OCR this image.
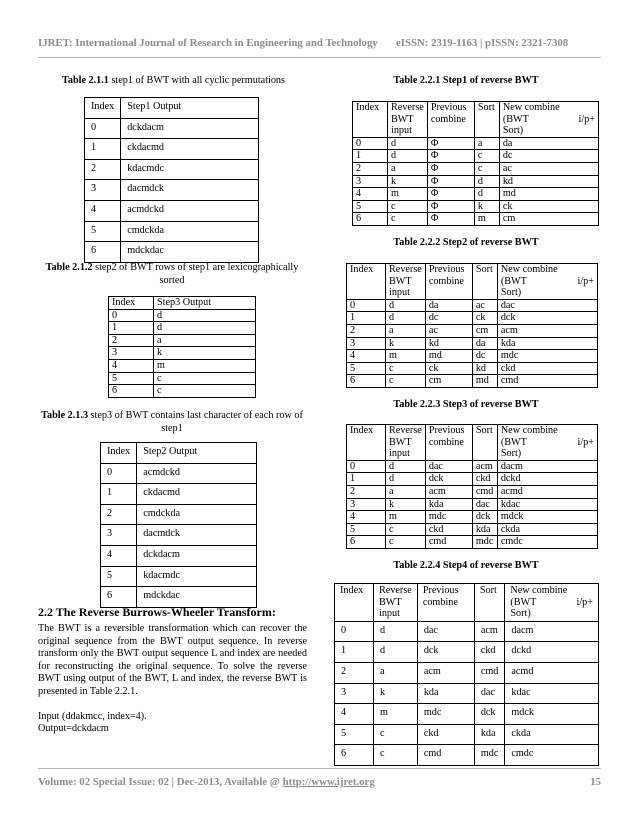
IJRET: International Journal of Research in Engineering and Technology eISSN: 2319-1163 | pISSN: 2321-7308
Table 2.1.1 step1 of BWT with all cyclic permutations
Index	Step1 Output
0	dckdacm
1	ckdacmd
2	kdacmdc
3	dacmdck
4	acmdckd
5	cmdckda
6	mdckdac
Table 2.1.2 step2 of BWT rows of step1 are lexicographically sorted
Index	Step3 Output
0	d
1	d
2	a
3	k
4	m
5	c
6	c
Table 2.1.3 step3 of BWT contains last character of each row of step1
Index	Step2 Output
0	acmdckd
1	ckdacmd
2	cmdckda
3	dacmdck
4	dckdacm
5	kdacmdc
6	mdckdac
2.2 The Reverse Burrows-Wheeler Transform:

The BWT is a reversible transformation which can recover the original sequence from the BWT output sequence. In reverse transform only the BWT output sequence L and index are needed for reconstructing the original sequence. To solve the reverse BWT using output of the BWT, L and index, the reverse BWT is presented in Table 2.2.1.

Input (ddakmcc, index=4).

Output=dckdacm

Table 2.2.1 Step1 of reverse BWT
Index	Reverse BWT input	Previous combine	Sort	New combine
(BWT i/p+
Sort)
0	d	Φ	a	da
1	d	Φ	c	dc
2	a	Φ	c	ac
3	k	Φ	d	kd
4	m	Φ	d	md
5	c	Φ	k	ck
6	c	Φ	m	cm
Table 2.2.2 Step2 of reverse BWT
Index	Reverse BWT input	Previous combine	Sort	New combine
(BWT i/p+
Sort)
0	d	da	ac	dac
1	d	dc	ck	dck
2	a	ac	cm	acm
3	k	kd	da	kda
4	m	md	dc	mdc
5	c	ck	kd	ckd
6	c	cm	md	cmd
Table 2.2.3 Step3 of reverse BWT
Index	Reverse BWT input	Previous combine	Sort	New combine
(BWT i/p+
Sort)
0	d	dac	acm	dacm
1	d	dck	ckd	dckd
2	a	acm	cmd	acmd
3	k	kda	dac	kdac
4	m	mdc	dck	mdck
5	c	ckd	kda	ckda
6	c	cmd	mdc	cmdc
Table 2.2.4 Step4 of reverse BWT
Index	Reverse BWT input	Previous combine	Sort	New combine
(BWT i/p+
Sort)
0	d	dac	acm	dacm
1	d	dck	ckd	dckd
2	a	acm	cmd	acmd
3	k	kda	dac	kdac
4	m	mdc	dck	mdck
5	c	ckd	kda	ckda
6	c	cmd	mdc	cmdc
Volume: 02 Special Issue: 02 | Dec-2013, Available @ http://www.ijret.org	15
